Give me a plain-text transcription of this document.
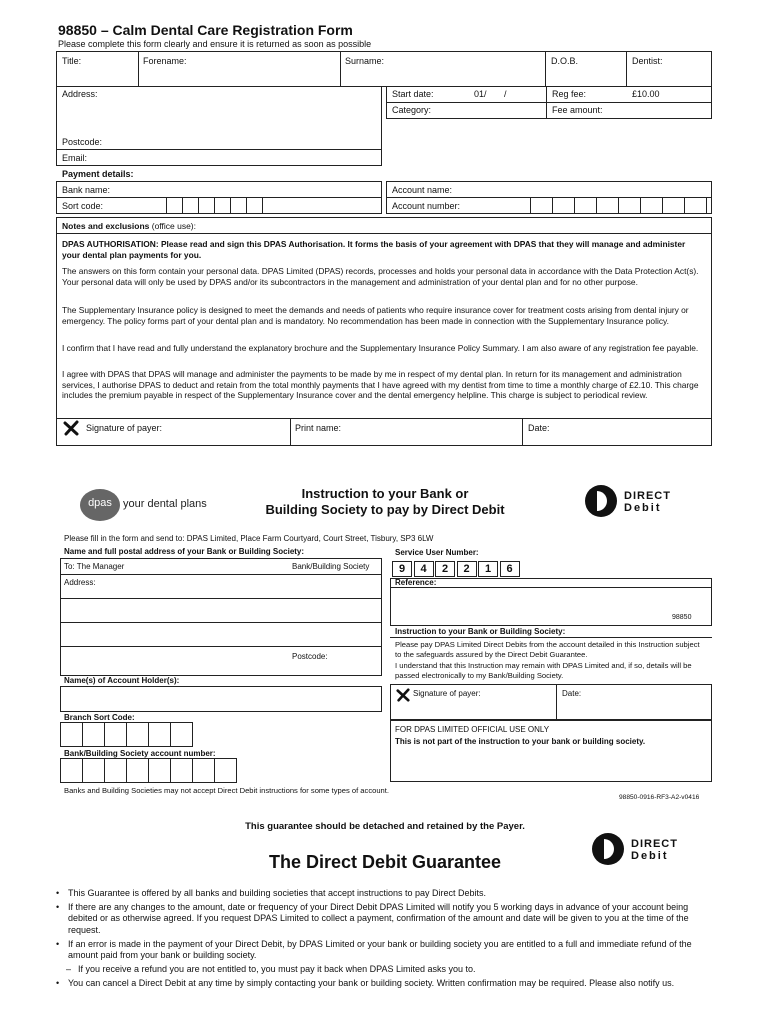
98850 – Calm Dental Care Registration Form
Please complete this form clearly and ensure it is returned as soon as possible
Title:	Forename:	Surname:	D.O.B.	Dentist:
Address:
Postcode:
Email:
Start date:	01/ /	Reg fee:	£10.00
Category:	Fee amount:
Payment details:
Bank name:
Sort code:
Account name:
Account number:
Notes and exclusions (office use):
DPAS AUTHORISATION: Please read and sign this DPAS Authorisation. It forms the basis of your agreement with DPAS that they will manage and administer your dental plan payments for you.
The answers on this form contain your personal data. DPAS Limited (DPAS) records, processes and holds your personal data in accordance with the Data Protection Act(s). Your personal data will only be used by DPAS and/or its subcontractors in the management and administration of your dental plan and for no other purpose.
The Supplementary Insurance policy is designed to meet the demands and needs of patients who require insurance cover for treatment costs arising from dental injury or emergency. The policy forms part of your dental plan and is mandatory. No recommendation has been made in connection with the Supplementary Insurance policy.
I confirm that I have read and fully understand the explanatory brochure and the Supplementary Insurance Policy Summary. I am also aware of any registration fee payable.
I agree with DPAS that DPAS will manage and administer the payments to be made by me in respect of my dental plan. In return for its management and administration services, I authorise DPAS to deduct and retain from the total monthly payments that I have agreed with my dentist from time to time a monthly charge of £2.10. This charge includes the premium payable in respect of the Supplementary Insurance cover and the dental emergency helpline. This charge is subject to periodical review.
Signature of payer:	Print name:	Date:
dpas	your dental plans
Instruction to your Bank or
Building Society to pay by Direct Debit
DIRECT
Debit
Please fill in the form and send to: DPAS Limited, Place Farm Courtyard, Court Street, Tisbury, SP3 6LW
Name and full postal address of your Bank or Building Society:
To: The Manager	Bank/Building Society
Address:
Postcode:
Name(s) of Account Holder(s):
Branch Sort Code:
Bank/Building Society account number:
Service User Number:
9	4	2	2	1	6
Reference:
98850
Instruction to your Bank or Building Society:
Please pay DPAS Limited Direct Debits from the account detailed in this Instruction subject to the safeguards assured by the Direct Debit Guarantee.
I understand that this Instruction may remain with DPAS Limited and, if so, details will be passed electronically to my Bank/Building Society.
Signature of payer:	Date:
FOR DPAS LIMITED OFFICIAL USE ONLY
This is not part of the instruction to your bank or building society.
Banks and Building Societies may not accept Direct Debit instructions for some types of account.
98850-0916-RF3-A2-v0416
This guarantee should be detached and retained by the Payer.
The Direct Debit Guarantee
DIRECT
Debit
• This Guarantee is offered by all banks and building societies that accept instructions to pay Direct Debits.
• If there are any changes to the amount, date or frequency of your Direct Debit DPAS Limited will notify you 5 working days in advance of your account being debited or as otherwise agreed. If you request DPAS Limited to collect a payment, confirmation of the amount and date will be given to you at the time of the request.
• If an error is made in the payment of your Direct Debit, by DPAS Limited or your bank or building society you are entitled to a full and immediate refund of the amount paid from your bank or building society.
– If you receive a refund you are not entitled to, you must pay it back when DPAS Limited asks you to.
• You can cancel a Direct Debit at any time by simply contacting your bank or building society. Written confirmation may be required. Please also notify us.
